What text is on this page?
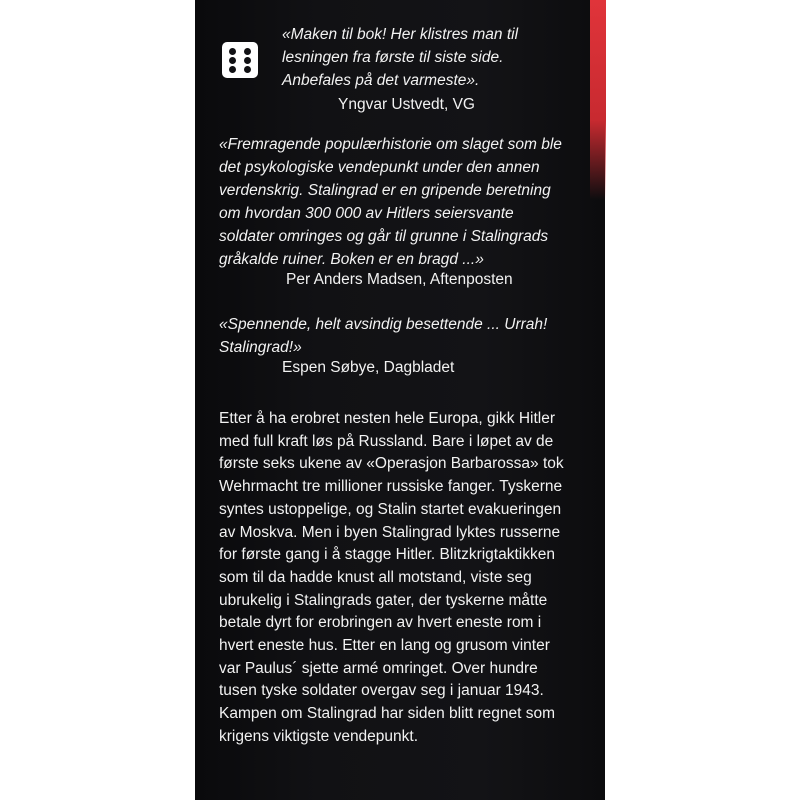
«Maken til bok! Her klistres man til
lesningen fra første til siste side.
Anbefales på det varmeste».
Yngvar Ustvedt, VG
«Fremragende populærhistorie om slaget som ble
det psykologiske vendepunkt under den annen
verdenskrig. Stalingrad er en gripende beretning
om hvordan 300 000 av Hitlers seiersvante
soldater omringes og går til grunne i Stalingrads
gråkalde ruiner. Boken er en bragd ...»
Per Anders Madsen, Aftenposten
«Spennende, helt avsindig besettende ... Urrah!
Stalingrad!»
Espen Søbye, Dagbladet
Etter å ha erobret nesten hele Europa, gikk Hitler
med full kraft løs på Russland. Bare i løpet av de
første seks ukene av «Operasjon Barbarossa» tok
Wehrmacht tre millioner russiske fanger. Tyskerne
syntes ustoppelige, og Stalin startet evakueringen
av Moskva. Men i byen Stalingrad lyktes russerne
for første gang i å stagge Hitler. Blitzkrigtaktikken
som til da hadde knust all motstand, viste seg
ubrukelig i Stalingrads gater, der tyskerne måtte
betale dyrt for erobringen av hvert eneste rom i
hvert eneste hus. Etter en lang og grusom vinter
var Paulus´ sjette armé omringet. Over hundre
tusen tyske soldater overgav seg i januar 1943.
Kampen om Stalingrad har siden blitt regnet som
krigens viktigste vendepunkt.
